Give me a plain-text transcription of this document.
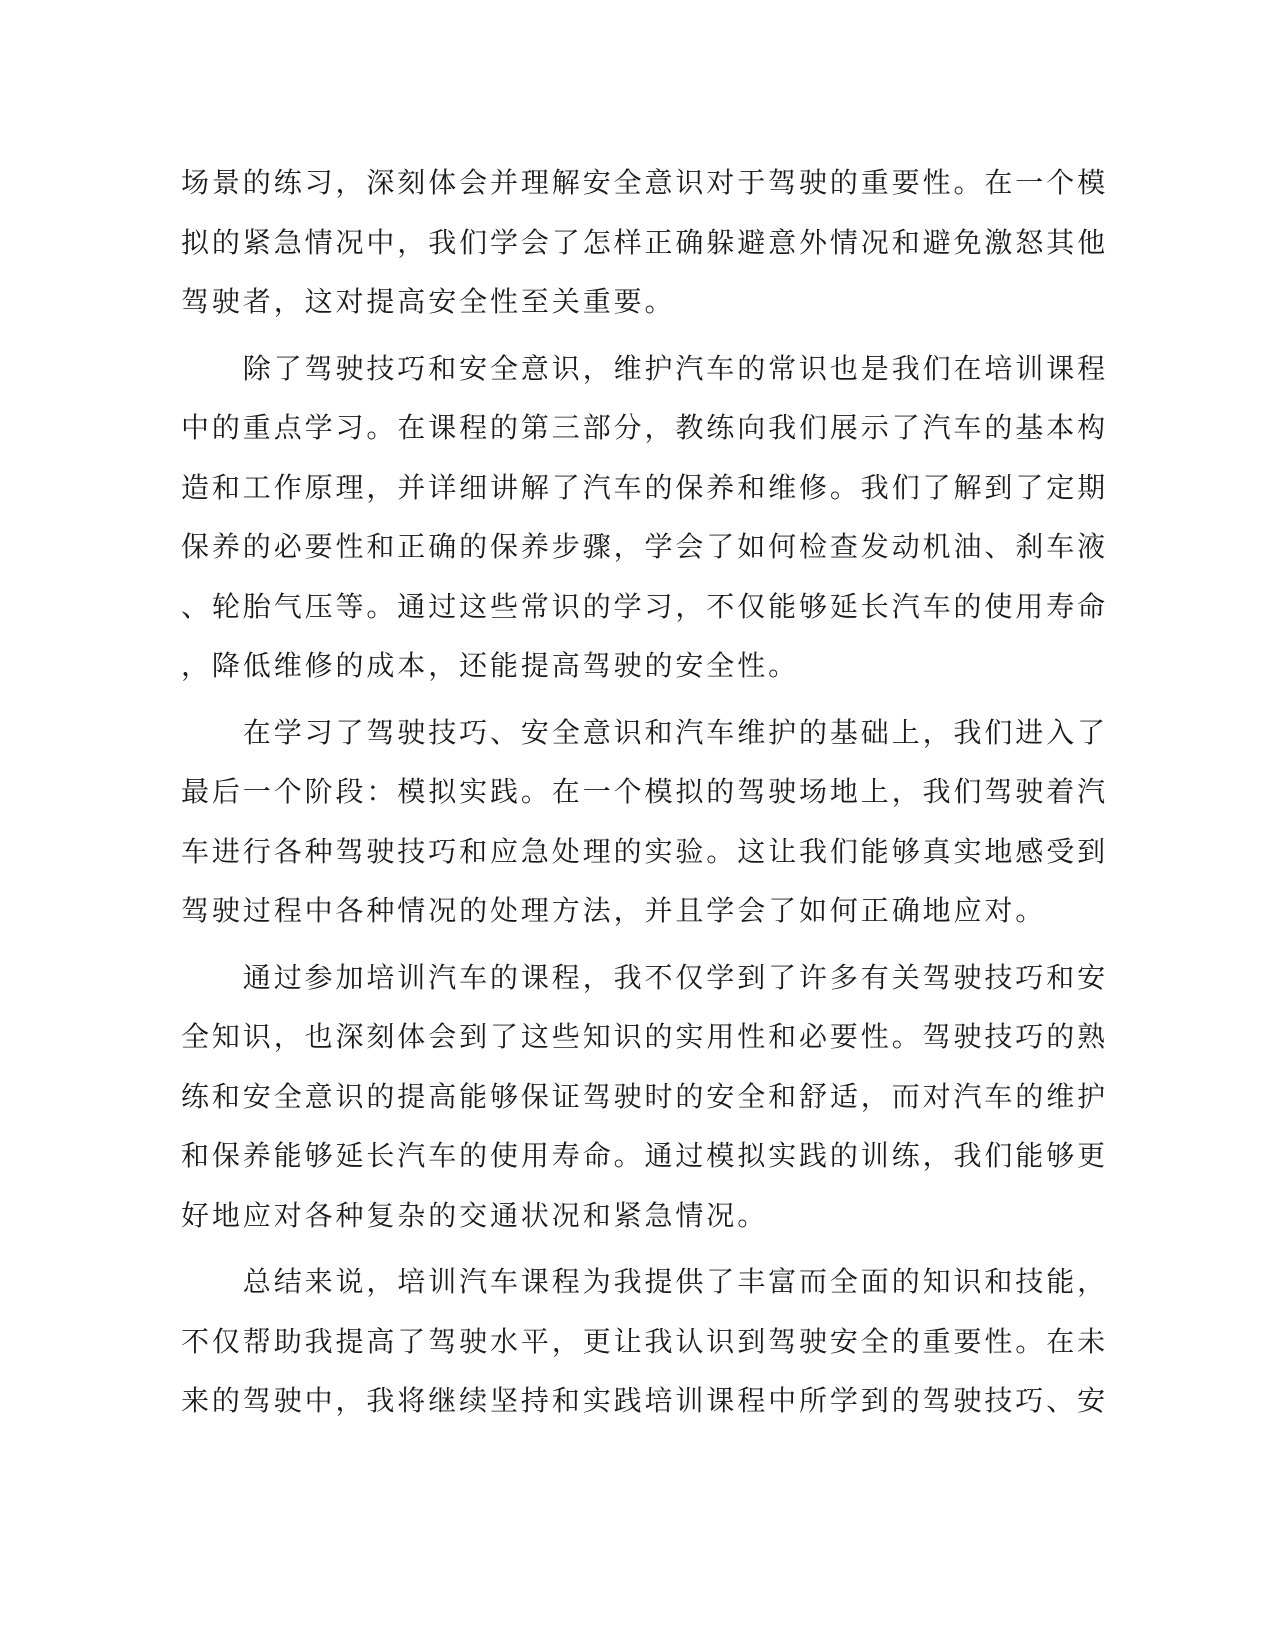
场景的练习，深刻体会并理解安全意识对于驾驶的重要性。在一个模
拟的紧急情况中，我们学会了怎样正确躲避意外情况和避免激怒其他
驾驶者，这对提高安全性至关重要。
　　除了驾驶技巧和安全意识，维护汽车的常识也是我们在培训课程
中的重点学习。在课程的第三部分，教练向我们展示了汽车的基本构
造和工作原理，并详细讲解了汽车的保养和维修。我们了解到了定期
保养的必要性和正确的保养步骤，学会了如何检查发动机油、刹车液
、轮胎气压等。通过这些常识的学习，不仅能够延长汽车的使用寿命
，降低维修的成本，还能提高驾驶的安全性。
　　在学习了驾驶技巧、安全意识和汽车维护的基础上，我们进入了
最后一个阶段：模拟实践。在一个模拟的驾驶场地上，我们驾驶着汽
车进行各种驾驶技巧和应急处理的实验。这让我们能够真实地感受到
驾驶过程中各种情况的处理方法，并且学会了如何正确地应对。
　　通过参加培训汽车的课程，我不仅学到了许多有关驾驶技巧和安
全知识，也深刻体会到了这些知识的实用性和必要性。驾驶技巧的熟
练和安全意识的提高能够保证驾驶时的安全和舒适，而对汽车的维护
和保养能够延长汽车的使用寿命。通过模拟实践的训练，我们能够更
好地应对各种复杂的交通状况和紧急情况。
　　总结来说，培训汽车课程为我提供了丰富而全面的知识和技能，
不仅帮助我提高了驾驶水平，更让我认识到驾驶安全的重要性。在未
来的驾驶中，我将继续坚持和实践培训课程中所学到的驾驶技巧、安
